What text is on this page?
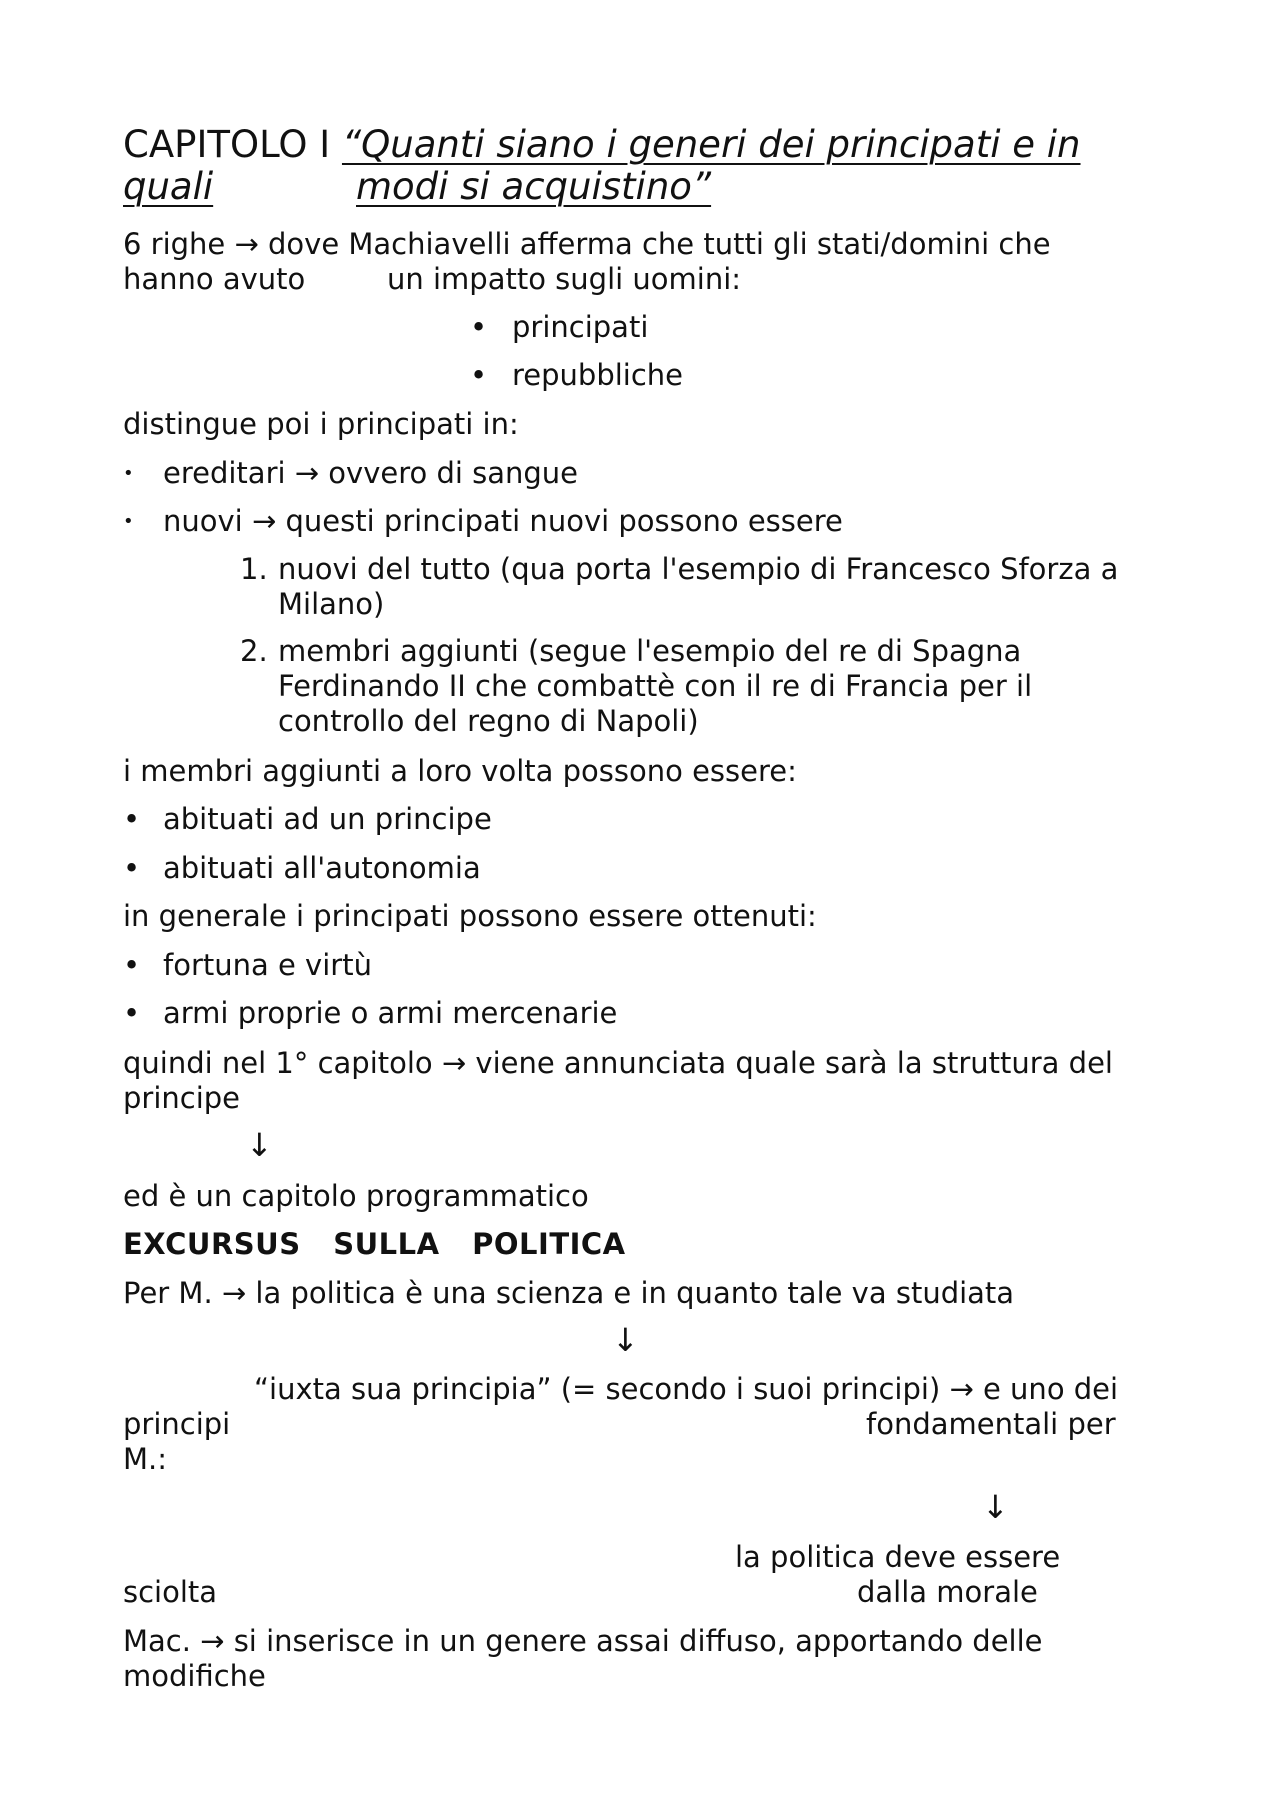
CAPITOLO I “Quanti siano i generi dei principati e in
quali	modi si acquistino”
6 righe → dove Machiavelli afferma che tutti gli stati/domini che
hanno avuto	un impatto sugli uomini:
• principati
• repubbliche
distingue poi i principati in:
• ereditari → ovvero di sangue
• nuovi → questi principati nuovi possono essere
1. nuovi del tutto (qua porta l'esempio di Francesco Sforza a
Milano)
2. membri aggiunti (segue l'esempio del re di Spagna
Ferdinando II che combattè con il re di Francia per il
controllo del regno di Napoli)
i membri aggiunti a loro volta possono essere:
• abituati ad un principe
• abituati all'autonomia
in generale i principati possono essere ottenuti:
• fortuna e virtù
• armi proprie o armi mercenarie
quindi nel 1° capitolo → viene annunciata quale sarà la struttura del
principe
↓
ed è un capitolo programmatico
EXCURSUS SULLA POLITICA
Per M. → la politica è una scienza e in quanto tale va studiata
↓
“iuxta sua principia” (= secondo i suoi principi) → e uno dei
principi	fondamentali per
M.:
↓
la politica deve essere
sciolta	dalla morale
Mac. → si inserisce in un genere assai diffuso, apportando delle
modifiche
